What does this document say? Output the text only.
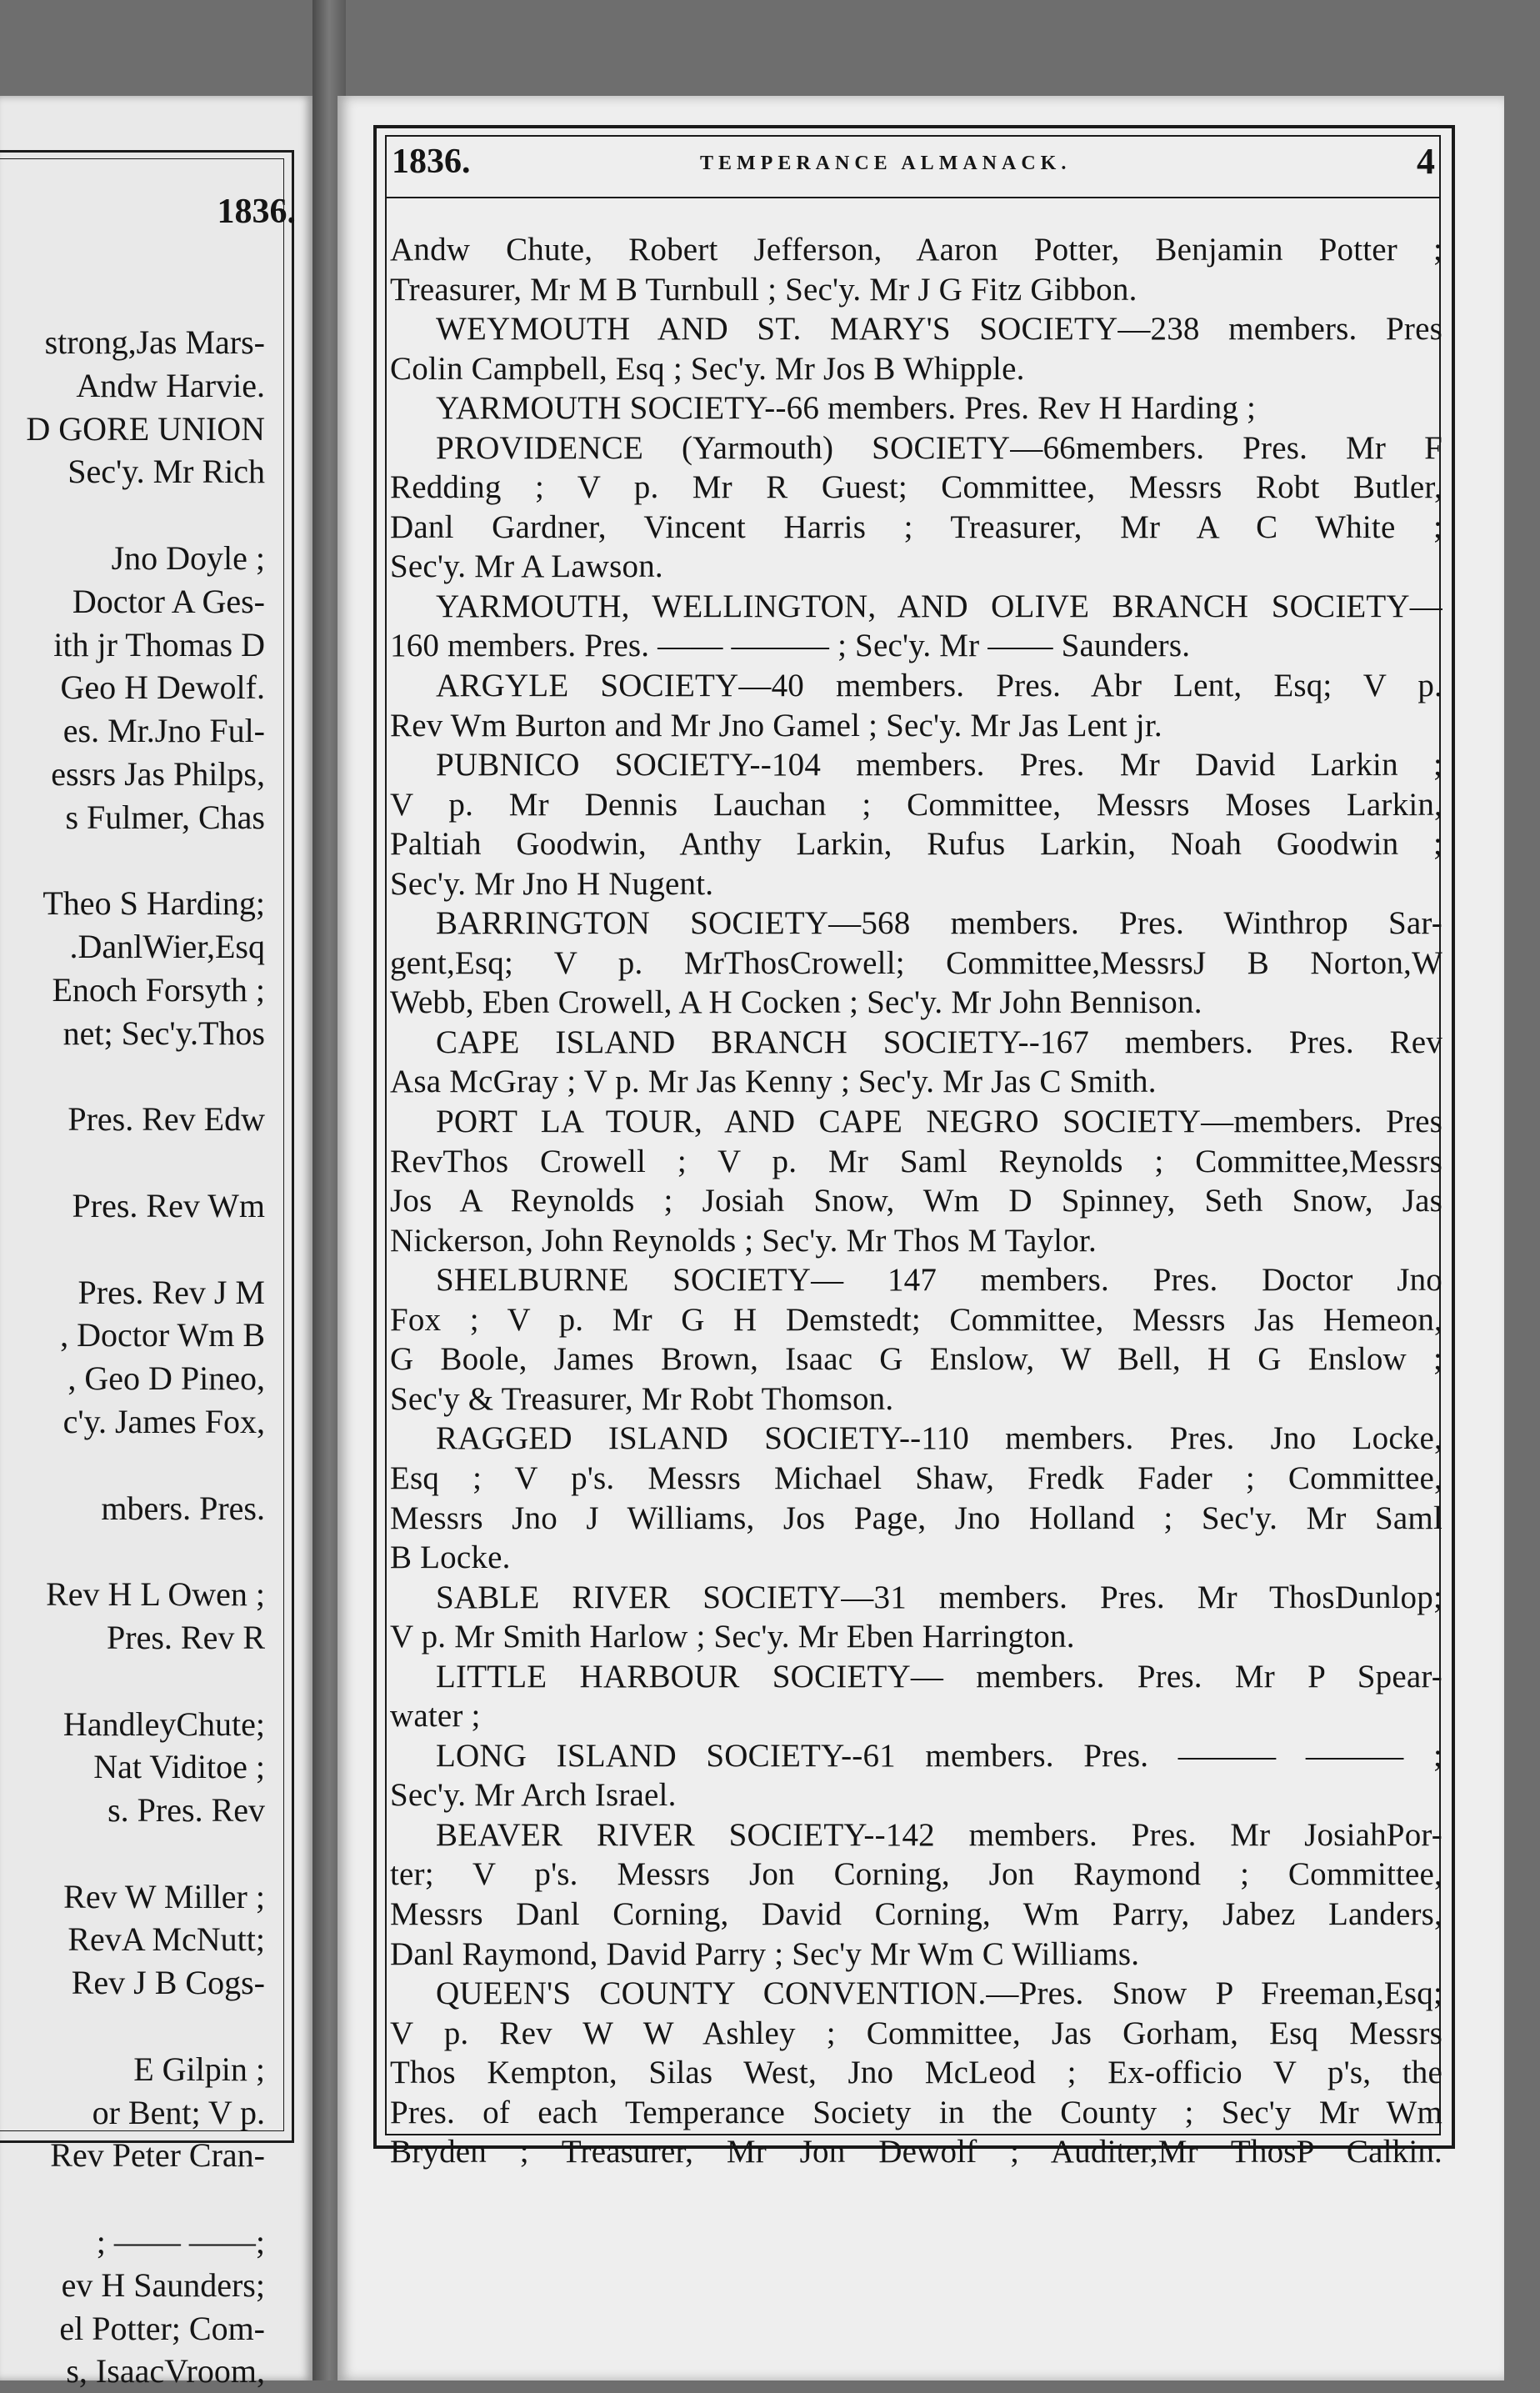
1836.
strong,Jas Mars-
Andw Harvie.
D GORE UNION
Sec'y. Mr Rich
Jno Doyle ;
Doctor A Ges-
ith jr Thomas D
Geo H Dewolf.
es. Mr.Jno Ful-
essrs Jas Philps,
s Fulmer, Chas
Theo S Harding;
.DanlWier,Esq
Enoch Forsyth ;
net; Sec'y.Thos
Pres. Rev Edw
Pres. Rev Wm
Pres. Rev J M
, Doctor Wm B
, Geo D Pineo,
c'y. James Fox,
mbers. Pres.
Rev H L Owen ;
Pres. Rev R
HandleyChute;
Nat Viditoe ;
s. Pres. Rev
Rev W Miller ;
RevA McNutt;
Rev J B Cogs-
E Gilpin ;
or Bent; V p.
Rev Peter Cran-
; —— ——;
ev H Saunders;
el Potter; Com-
s, IsaacVroom,
1836.	TEMPERANCE ALMANACK.	4
Andw Chute, Robert Jefferson, Aaron Potter, Benjamin Potter ;
Treasurer, Mr M B Turnbull ; Sec'y. Mr J G Fitz Gibbon.
WEYMOUTH AND ST. MARY'S SOCIETY—238 members. Pres
Colin Campbell, Esq ; Sec'y. Mr Jos B Whipple.
YARMOUTH SOCIETY--66 members. Pres. Rev H Harding ;
PROVIDENCE (Yarmouth) SOCIETY—66members. Pres. Mr F
Redding ; V p. Mr R Guest; Committee, Messrs Robt Butler,
Danl Gardner, Vincent Harris ; Treasurer, Mr A C White ;
Sec'y. Mr A Lawson.
YARMOUTH, WELLINGTON, AND OLIVE BRANCH SOCIETY—
160 members. Pres. —— ——— ; Sec'y. Mr —— Saunders.
ARGYLE SOCIETY—40 members. Pres. Abr Lent, Esq; V p.
Rev Wm Burton and Mr Jno Gamel ; Sec'y. Mr Jas Lent jr.
PUBNICO SOCIETY--104 members. Pres. Mr David Larkin ;
V p. Mr Dennis Lauchan ; Committee, Messrs Moses Larkin,
Paltiah Goodwin, Anthy Larkin, Rufus Larkin, Noah Goodwin ;
Sec'y. Mr Jno H Nugent.
BARRINGTON SOCIETY—568 members. Pres. Winthrop Sar-
gent,Esq; V p. MrThosCrowell; Committee,MessrsJ B Norton,W
Webb, Eben Crowell, A H Cocken ; Sec'y. Mr John Bennison.
CAPE ISLAND BRANCH SOCIETY--167 members. Pres. Rev
Asa McGray ; V p. Mr Jas Kenny ; Sec'y. Mr Jas C Smith.
PORT LA TOUR, AND CAPE NEGRO SOCIETY—members. Pres
RevThos Crowell ; V p. Mr Saml Reynolds ; Committee,Messrs
Jos A Reynolds ; Josiah Snow, Wm D Spinney, Seth Snow, Jas
Nickerson, John Reynolds ; Sec'y. Mr Thos M Taylor.
SHELBURNE SOCIETY— 147 members. Pres. Doctor Jno
Fox ; V p. Mr G H Demstedt; Committee, Messrs Jas Hemeon,
G Boole, James Brown, Isaac G Enslow, W Bell, H G Enslow ;
Sec'y & Treasurer, Mr Robt Thomson.
RAGGED ISLAND SOCIETY--110 members. Pres. Jno Locke,
Esq ; V p's. Messrs Michael Shaw, Fredk Fader ; Committee,
Messrs Jno J Williams, Jos Page, Jno Holland ; Sec'y. Mr Saml
B Locke.
SABLE RIVER SOCIETY—31 members. Pres. Mr ThosDunlop;
V p. Mr Smith Harlow ; Sec'y. Mr Eben Harrington.
LITTLE HARBOUR SOCIETY— members. Pres. Mr P Spear-
water ;
LONG ISLAND SOCIETY--61 members. Pres. ——— ——— ;
Sec'y. Mr Arch Israel.
BEAVER RIVER SOCIETY--142 members. Pres. Mr JosiahPor-
ter; V p's. Messrs Jon Corning, Jon Raymond ; Committee,
Messrs Danl Corning, David Corning, Wm Parry, Jabez Landers,
Danl Raymond, David Parry ; Sec'y Mr Wm C Williams.
QUEEN'S COUNTY CONVENTION.—Pres. Snow P Freeman,Esq;
V p. Rev W W Ashley ; Committee, Jas Gorham, Esq Messrs
Thos Kempton, Silas West, Jno McLeod ; Ex-officio V p's, the
Pres. of each Temperance Society in the County ; Sec'y Mr Wm
Bryden ; Treasurer, Mr Jon Dewolf ; Auditer,Mr ThosP Calkin.
